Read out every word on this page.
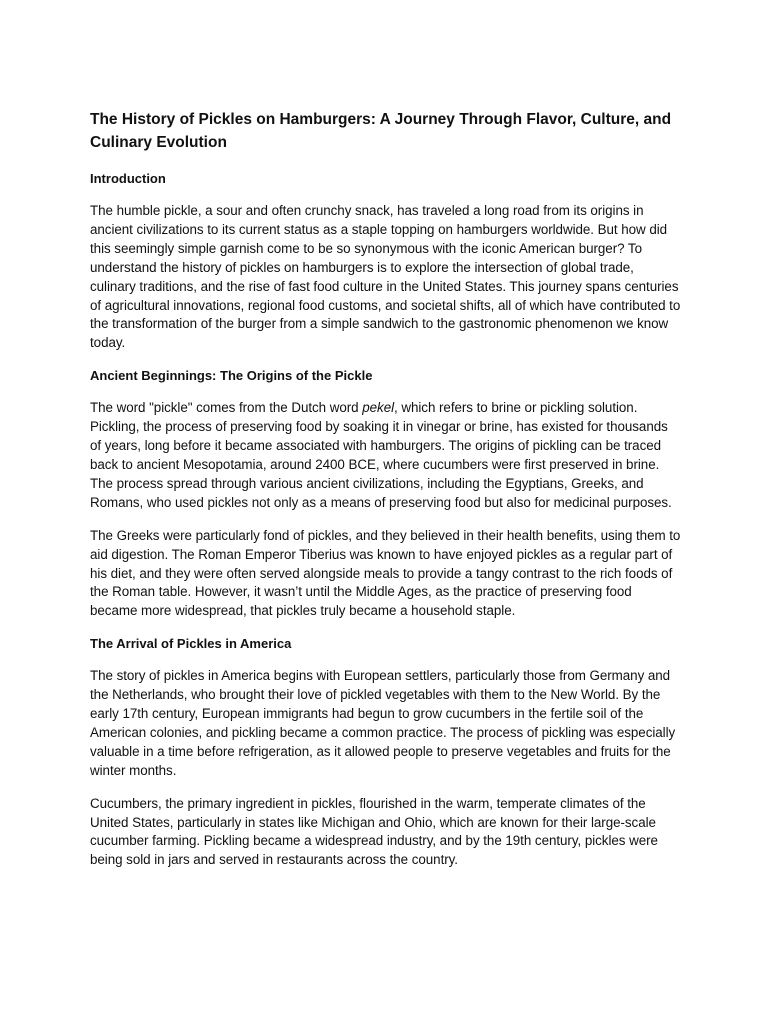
The History of Pickles on Hamburgers: A Journey Through Flavor, Culture, and Culinary Evolution
Introduction

The humble pickle, a sour and often crunchy snack, has traveled a long road from its origins in ancient civilizations to its current status as a staple topping on hamburgers worldwide. But how did this seemingly simple garnish come to be so synonymous with the iconic American burger? To understand the history of pickles on hamburgers is to explore the intersection of global trade, culinary traditions, and the rise of fast food culture in the United States. This journey spans centuries of agricultural innovations, regional food customs, and societal shifts, all of which have contributed to the transformation of the burger from a simple sandwich to the gastronomic phenomenon we know today.

Ancient Beginnings: The Origins of the Pickle

The word "pickle" comes from the Dutch word pekel, which refers to brine or pickling solution. Pickling, the process of preserving food by soaking it in vinegar or brine, has existed for thousands of years, long before it became associated with hamburgers. The origins of pickling can be traced back to ancient Mesopotamia, around 2400 BCE, where cucumbers were first preserved in brine. The process spread through various ancient civilizations, including the Egyptians, Greeks, and Romans, who used pickles not only as a means of preserving food but also for medicinal purposes.

The Greeks were particularly fond of pickles, and they believed in their health benefits, using them to aid digestion. The Roman Emperor Tiberius was known to have enjoyed pickles as a regular part of his diet, and they were often served alongside meals to provide a tangy contrast to the rich foods of the Roman table. However, it wasn’t until the Middle Ages, as the practice of preserving food became more widespread, that pickles truly became a household staple.

The Arrival of Pickles in America

The story of pickles in America begins with European settlers, particularly those from Germany and the Netherlands, who brought their love of pickled vegetables with them to the New World. By the early 17th century, European immigrants had begun to grow cucumbers in the fertile soil of the American colonies, and pickling became a common practice. The process of pickling was especially valuable in a time before refrigeration, as it allowed people to preserve vegetables and fruits for the winter months.

Cucumbers, the primary ingredient in pickles, flourished in the warm, temperate climates of the United States, particularly in states like Michigan and Ohio, which are known for their large-scale cucumber farming. Pickling became a widespread industry, and by the 19th century, pickles were being sold in jars and served in restaurants across the country.
